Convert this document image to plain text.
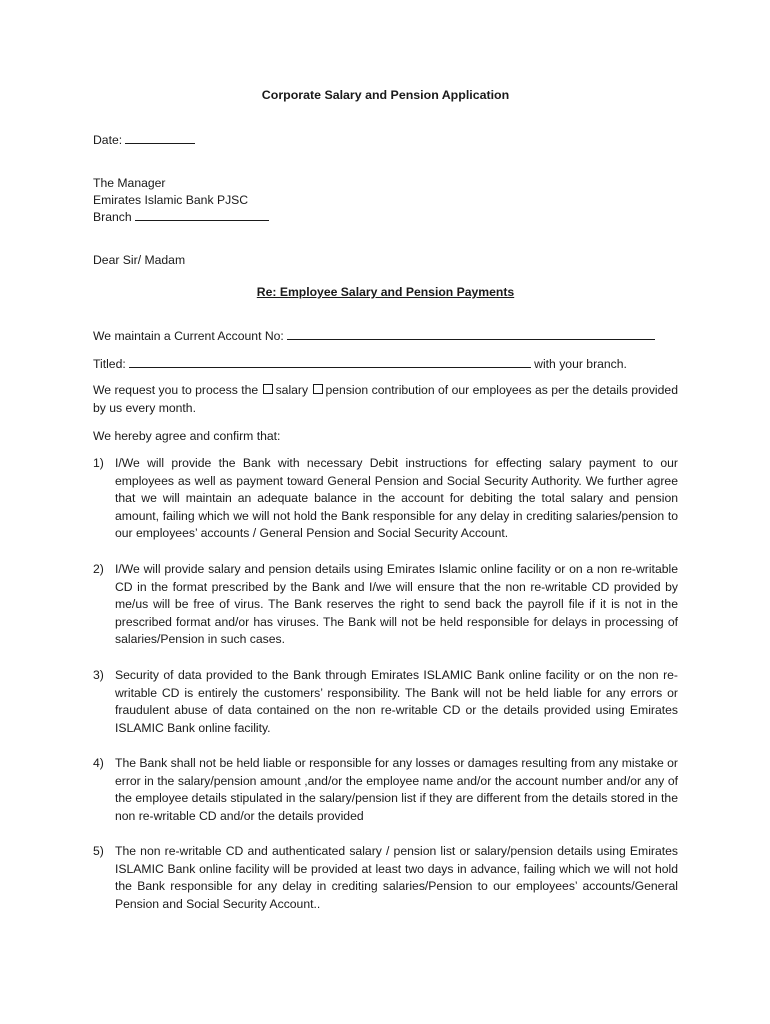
Corporate Salary and Pension Application
Date:
The Manager
Emirates Islamic Bank PJSC
Branch
Dear Sir/ Madam
Re: Employee Salary and Pension Payments
We maintain a Current Account No:
Titled:	with your branch.
We request you to process the salary pension contribution of our employees as per the details provided by us every month.
We hereby agree and confirm that:
1) I/We will provide the Bank with necessary Debit instructions for effecting salary payment to our employees as well as payment toward General Pension and Social Security Authority. We further agree that we will maintain an adequate balance in the account for debiting the total salary and pension amount, failing which we will not hold the Bank responsible for any delay in crediting salaries/pension to our employees’ accounts / General Pension and Social Security Account.
2) I/We will provide salary and pension details using Emirates Islamic online facility or on a non re-writable CD in the format prescribed by the Bank and I/we will ensure that the non re-writable CD provided by me/us will be free of virus. The Bank reserves the right to send back the payroll file if it is not in the prescribed format and/or has viruses. The Bank will not be held responsible for delays in processing of salaries/Pension in such cases.
3) Security of data provided to the Bank through Emirates ISLAMIC Bank online facility or on the non re-writable CD is entirely the customers’ responsibility. The Bank will not be held liable for any errors or fraudulent abuse of data contained on the non re-writable CD or the details provided using Emirates ISLAMIC Bank online facility.
4) The Bank shall not be held liable or responsible for any losses or damages resulting from any mistake or error in the salary/pension amount ,and/or the employee name and/or the account number and/or any of the employee details stipulated in the salary/pension list if they are different from the details stored in the non re-writable CD and/or the details provided
5) The non re-writable CD and authenticated salary / pension list or salary/pension details using Emirates ISLAMIC Bank online facility will be provided at least two days in advance, failing which we will not hold the Bank responsible for any delay in crediting salaries/Pension to our employees’ accounts/General Pension and Social Security Account..
